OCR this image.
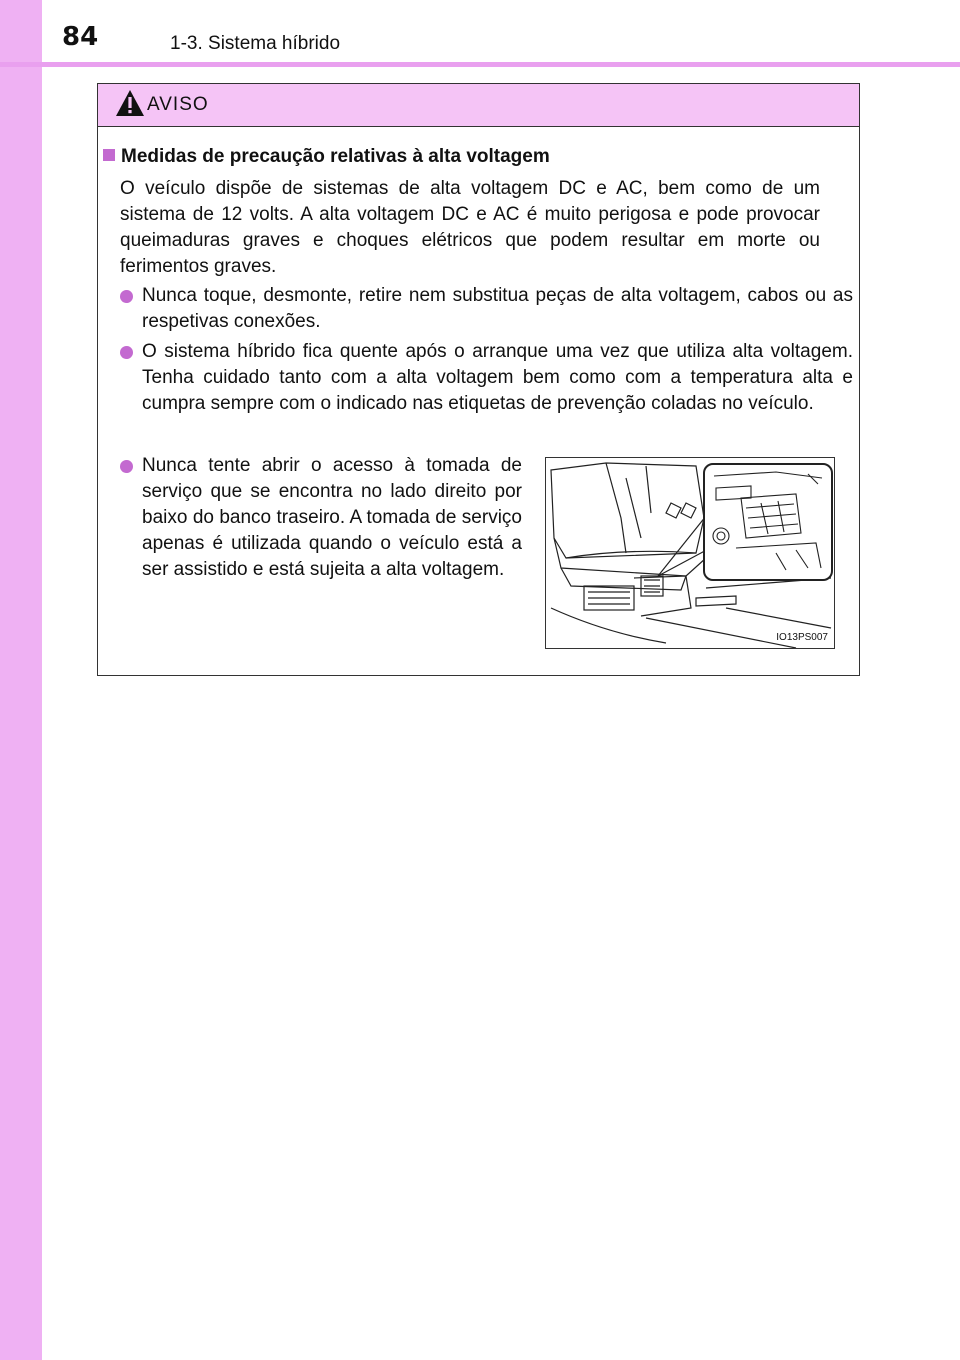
84	1-3. Sistema híbrido
AVISO
Medidas de precaução relativas à alta voltagem
O veículo dispõe de sistemas de alta voltagem DC e AC, bem como de um sistema de 12 volts. A alta voltagem DC e AC é muito perigosa e pode provocar queimaduras graves e choques elétricos que podem resultar em morte ou ferimentos graves.
Nunca toque, desmonte, retire nem substitua peças de alta voltagem, cabos ou as respetivas conexões.
O sistema híbrido fica quente após o arranque uma vez que utiliza alta voltagem. Tenha cuidado tanto com a alta voltagem bem como com a temperatura alta e cumpra sempre com o indicado nas etiquetas de prevenção coladas no veículo.
Nunca tente abrir o acesso à tomada de serviço que se encontra no lado direito por baixo do banco traseiro. A tomada de serviço apenas é utilizada quando o veículo está a ser assistido e está sujeita a alta voltagem.
IO13PS007
